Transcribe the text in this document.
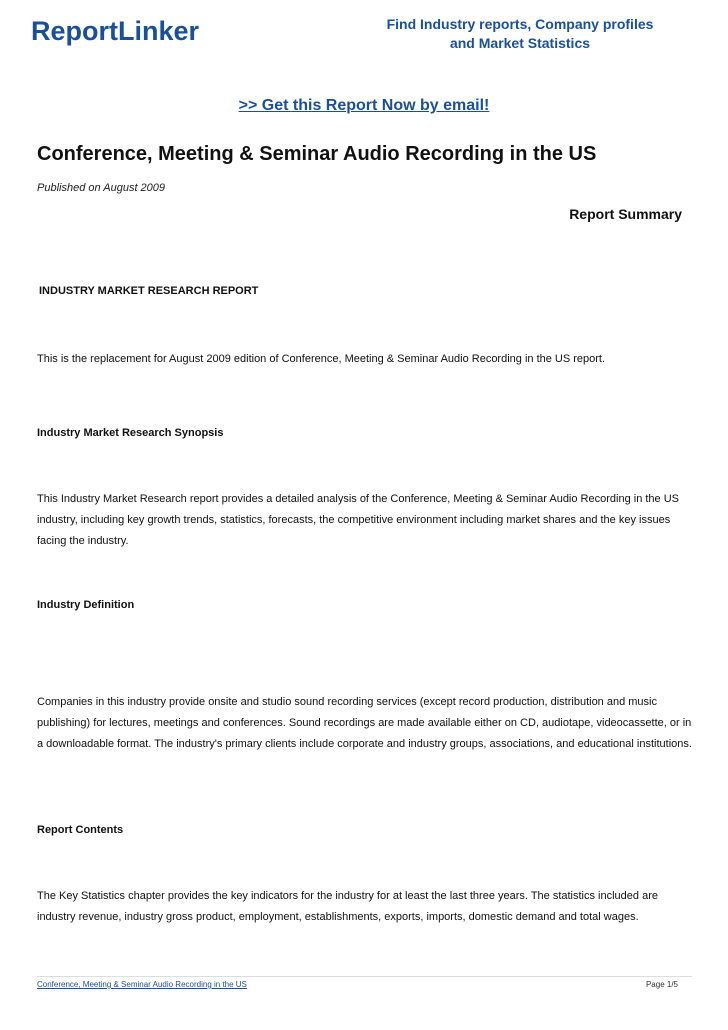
ReportLinker	Find Industry reports, Company profiles
and Market Statistics
>> Get this Report Now by email!
Conference, Meeting & Seminar Audio Recording in the US
Published on August 2009
Report Summary
INDUSTRY MARKET RESEARCH REPORT

This is the replacement for August 2009 edition of Conference, Meeting & Seminar Audio Recording in the US report.

Industry Market Research Synopsis

This Industry Market Research report provides a detailed analysis of the Conference, Meeting & Seminar Audio Recording in the US industry, including key growth trends, statistics, forecasts, the competitive environment including market shares and the key issues facing the industry.

Industry Definition

Companies in this industry provide onsite and studio sound recording services (except record production, distribution and music publishing) for lectures, meetings and conferences. Sound recordings are made available either on CD, audiotape, videocassette, or in a downloadable format. The industry's primary clients include corporate and industry groups, associations, and educational institutions.

Report Contents

The Key Statistics chapter provides the key indicators for the industry for at least the last three years. The statistics included are industry revenue, industry gross product, employment, establishments, exports, imports, domestic demand and total wages.

Conference, Meeting & Seminar Audio Recording in the US	Page 1/5
